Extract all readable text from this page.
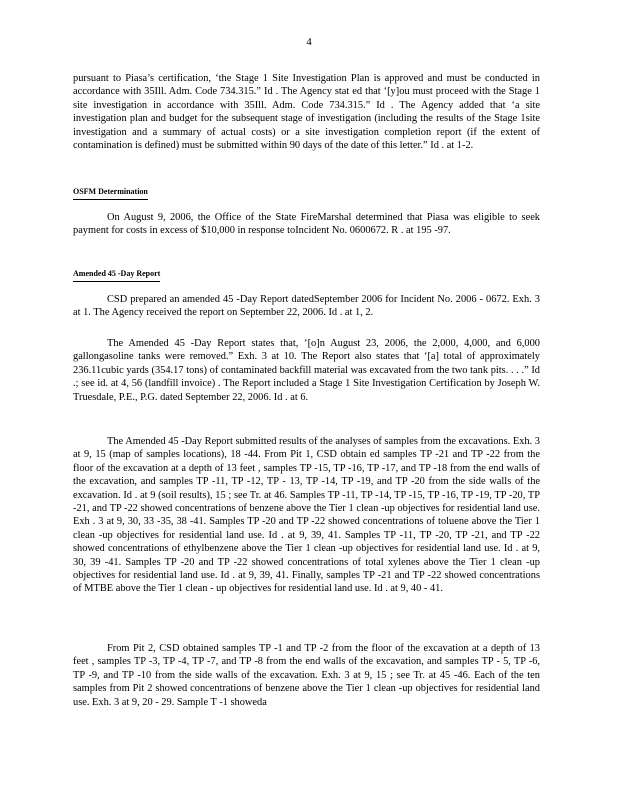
4

pursuant to Piasa’s certification, ‘the Stage 1 Site Investigation Plan is approved and must be conducted in accordance with 35Ill. Adm. Code 734.315.” Id . The Agency stat ed that ‘[y]ou must proceed with the Stage 1 site investigation in accordance with 35Ill. Adm. Code 734.315.” Id . The Agency added that ‘a site investigation plan and budget for the subsequent stage of investigation (including the results of the Stage 1site investigation and a summary of actual costs) or a site investigation completion report (if the extent of contamination is defined) must be submitted within 90 days of the date of this letter.” Id . at 1-2.

OSFM Determination

On August 9, 2006, the Office of the State FireMarshal determined that Piasa was eligible to seek payment for costs in excess of $10,000 in response toIncident No. 0600672. R . at 195 -97.

Amended 45 -Day Report

CSD prepared an amended 45 -Day Report datedSeptember 2006 for Incident No. 2006 - 0672. Exh. 3 at 1. The Agency received the report on September 22, 2006. Id . at 1, 2.

The Amended 45 -Day Report states that, ‘[o]n August 23, 2006, the 2,000, 4,000, and 6,000 gallongasoline tanks were removed.” Exh. 3 at 10. The Report also states that ‘[a] total of approximately 236.11cubic yards (354.17 tons) of contaminated backfill material was excavated from the two tank pits. . . .” Id .; see id. at 4, 56 (landfill invoice) . The Report included a Stage 1 Site Investigation Certification by Joseph W. Truesdale, P.E., P.G. dated September 22, 2006. Id . at 6.

The Amended 45 -Day Report submitted results of the analyses of samples from the excavations. Exh. 3 at 9, 15 (map of samples locations), 18 -44. From Pit 1, CSD obtain ed samples TP -21 and TP -22 from the floor of the excavation at a depth of 13 feet , samples TP -15, TP -16, TP -17, and TP -18 from the end walls of the excavation, and samples TP -11, TP -12, TP - 13, TP -14, TP -19, and TP -20 from the side walls of the excavation. Id . at 9 (soil results), 15 ; see Tr. at 46. Samples TP -11, TP -14, TP -15, TP -16, TP -19, TP -20, TP -21, and TP -22 showed concentrations of benzene above the Tier 1 clean -up objectives for residential land use. Exh . 3 at 9, 30, 33 -35, 38 -41. Samples TP -20 and TP -22 showed concentrations of toluene above the Tier 1 clean -up objectives for residential land use. Id . at 9, 39, 41. Samples TP -11, TP -20, TP -21, and TP -22 showed concentrations of ethylbenzene above the Tier 1 clean -up objectives for residential land use. Id . at 9, 30, 39 -41. Samples TP -20 and TP -22 showed concentrations of total xylenes above the Tier 1 clean -up objectives for residential land use. Id . at 9, 39, 41. Finally, samples TP -21 and TP -22 showed concentrations of MTBE above the Tier 1 clean - up objectives for residential land use. Id . at 9, 40 - 41.

From Pit 2, CSD obtained samples TP -1 and TP -2 from the floor of the excavation at a depth of 13 feet , samples TP -3, TP -4, TP -7, and TP -8 from the end walls of the excavation, and samples TP - 5, TP -6, TP -9, and TP -10 from the side walls of the excavation. Exh. 3 at 9, 15 ; see Tr. at 45 -46. Each of the ten samples from Pit 2 showed concentrations of benzene above the Tier 1 clean -up objectives for residential land use. Exh. 3 at 9, 20 - 29. Sample T -1 showeda
